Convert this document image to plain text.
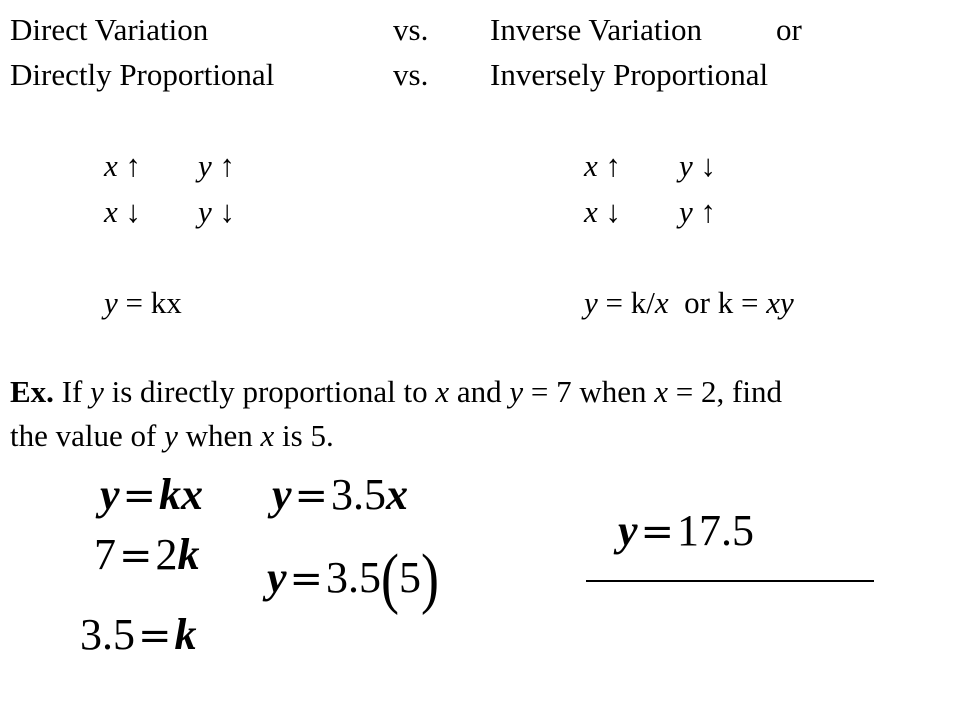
Direct Variation	vs. Inverse Variation or
Directly Proportional	vs. Inversely Proportional
x ↑ y ↑
x ↓ y ↓
x ↑ y ↓
x ↓ y ↑
y = kx	y = k/x  or k = xy
Ex. If y is directly proportional to x and y = 7 when x = 2, find
the value of y when x is 5.
y=kx y=3.5x
7=2k y=3.5(5)
3.5=k
y=17.5
